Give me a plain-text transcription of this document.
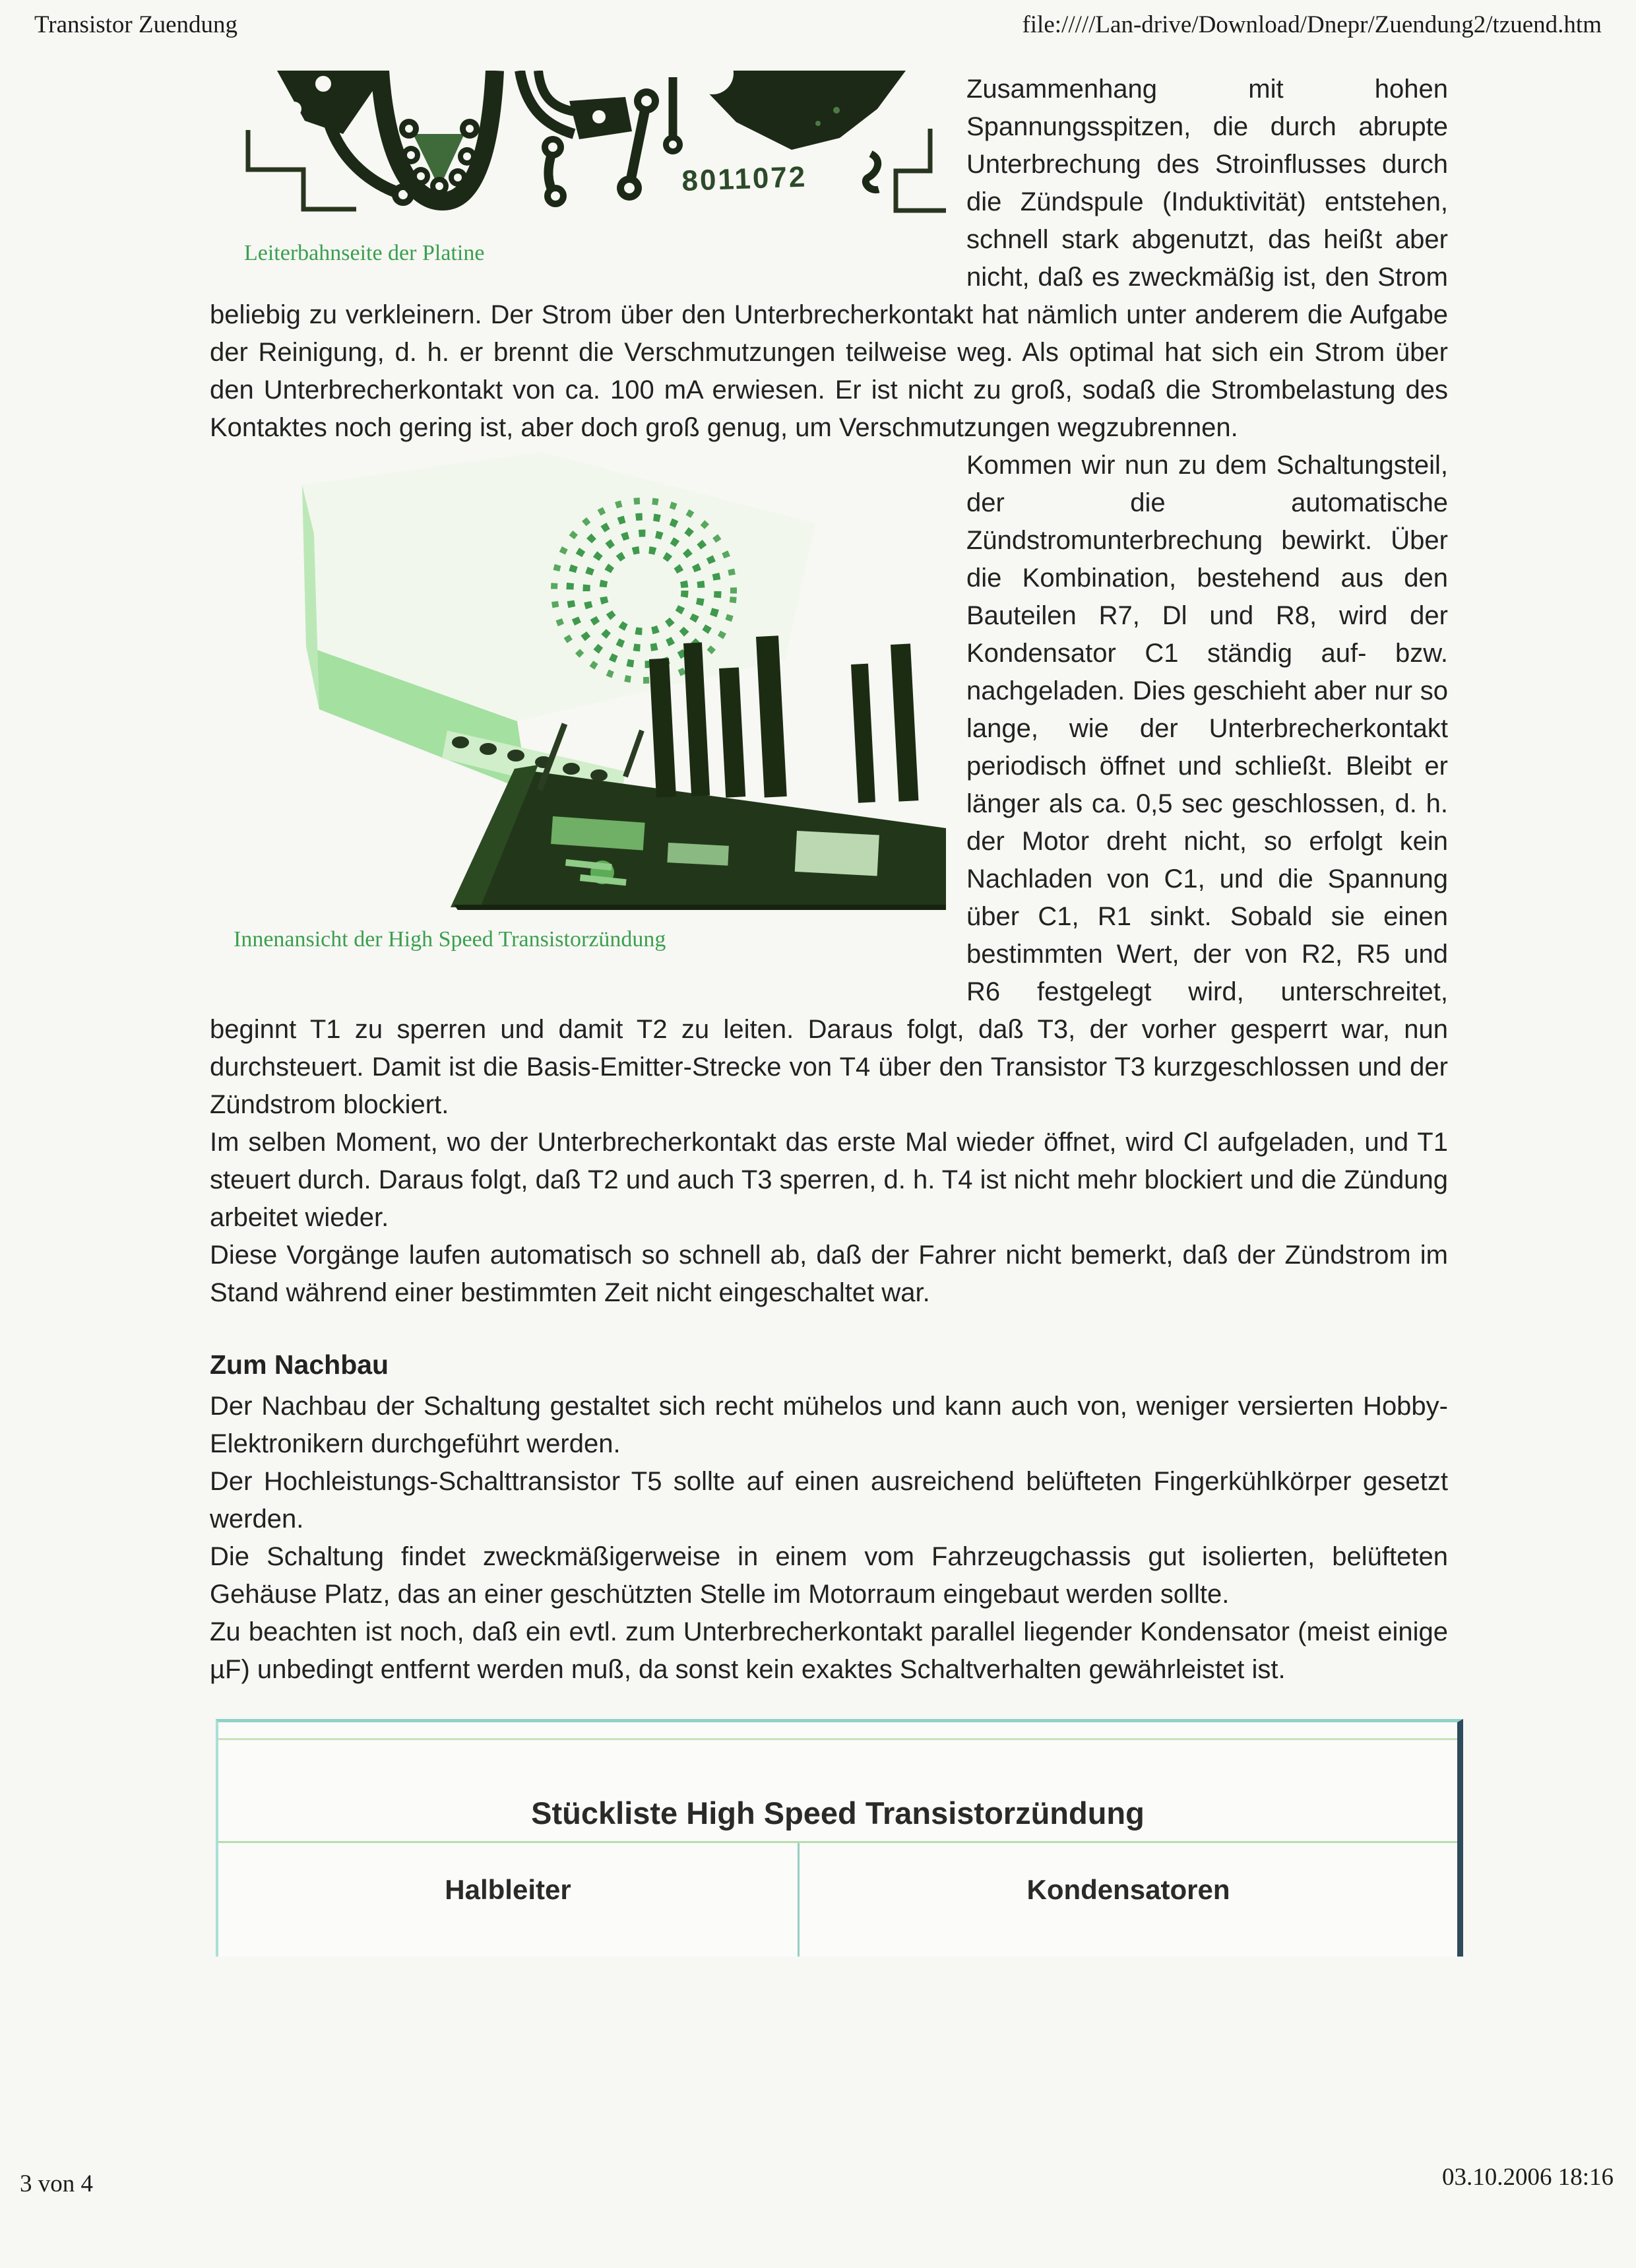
Transistor Zuendung	file://///Lan-drive/Download/Dnepr/Zuendung2/tzuend.htm
8011072
Leiterbahnseite der Platine

Zusammenhang mit hohen Spannungsspitzen, die durch abrupte Unterbrechung des Stroinflusses durch die Zündspule (Induktivität) entstehen, schnell stark abgenutzt, das heißt aber nicht, daß es zweckmäßig ist, den Strom beliebig zu verkleinern. Der Strom über den Unterbrecherkontakt hat nämlich unter anderem die Aufgabe der Reinigung, d. h. er brennt die Verschmutzungen teilweise weg. Als optimal hat sich ein Strom über den Unterbrecherkontakt von ca. 100 mA erwiesen. Er ist nicht zu groß, sodaß die Strombelastung des Kontaktes noch gering ist, aber doch groß genug, um Verschmutzungen wegzubrennen.

Innenansicht der High Speed Transistorzündung

Kommen wir nun zu dem Schaltungsteil, der die automatische Zündstromunterbrechung bewirkt. Über die Kombination, bestehend aus den Bauteilen R7, Dl und R8, wird der Kondensator C1 ständig auf- bzw. nachgeladen. Dies geschieht aber nur so lange, wie der Unterbrecherkontakt periodisch öffnet und schließt. Bleibt er länger als ca. 0,5 sec geschlossen, d. h. der Motor dreht nicht, so erfolgt kein Nachladen von C1, und die Spannung über C1, R1 sinkt. Sobald sie einen bestimmten Wert, der von R2, R5 und R6 festgelegt wird, unterschreitet, beginnt T1 zu sperren und damit T2 zu leiten. Daraus folgt, daß T3, der vorher gesperrt war, nun durchsteuert. Damit ist die Basis-Emitter-Strecke von T4 über den Transistor T3 kurzgeschlossen und der Zündstrom blockiert.

Im selben Moment, wo der Unterbrecherkontakt das erste Mal wieder öffnet, wird Cl aufgeladen, und T1 steuert durch. Daraus folgt, daß T2 und auch T3 sperren, d. h. T4 ist nicht mehr blockiert und die Zündung arbeitet wieder.

Diese Vorgänge laufen automatisch so schnell ab, daß der Fahrer nicht bemerkt, daß der Zündstrom im Stand während einer bestimmten Zeit nicht eingeschaltet war.

Zum Nachbau

Der Nachbau der Schaltung gestaltet sich recht mühelos und kann auch von, weniger versierten Hobby-Elektronikern durchgeführt werden.

Der Hochleistungs-Schalttransistor T5 sollte auf einen ausreichend belüfteten Fingerkühlkörper gesetzt werden.

Die Schaltung findet zweckmäßigerweise in einem vom Fahrzeugchassis gut isolierten, belüfteten Gehäuse Platz, das an einer geschützten Stelle im Motorraum eingebaut werden sollte.

Zu beachten ist noch, daß ein evtl. zum Unterbrecherkontakt parallel liegender Kondensator (meist einige µF) unbedingt entfernt werden muß, da sonst kein exaktes Schaltverhalten gewährleistet ist.

Stückliste High Speed Transistorzündung
Halbleiter	Kondensatoren
3 von 4	03.10.2006 18:16
